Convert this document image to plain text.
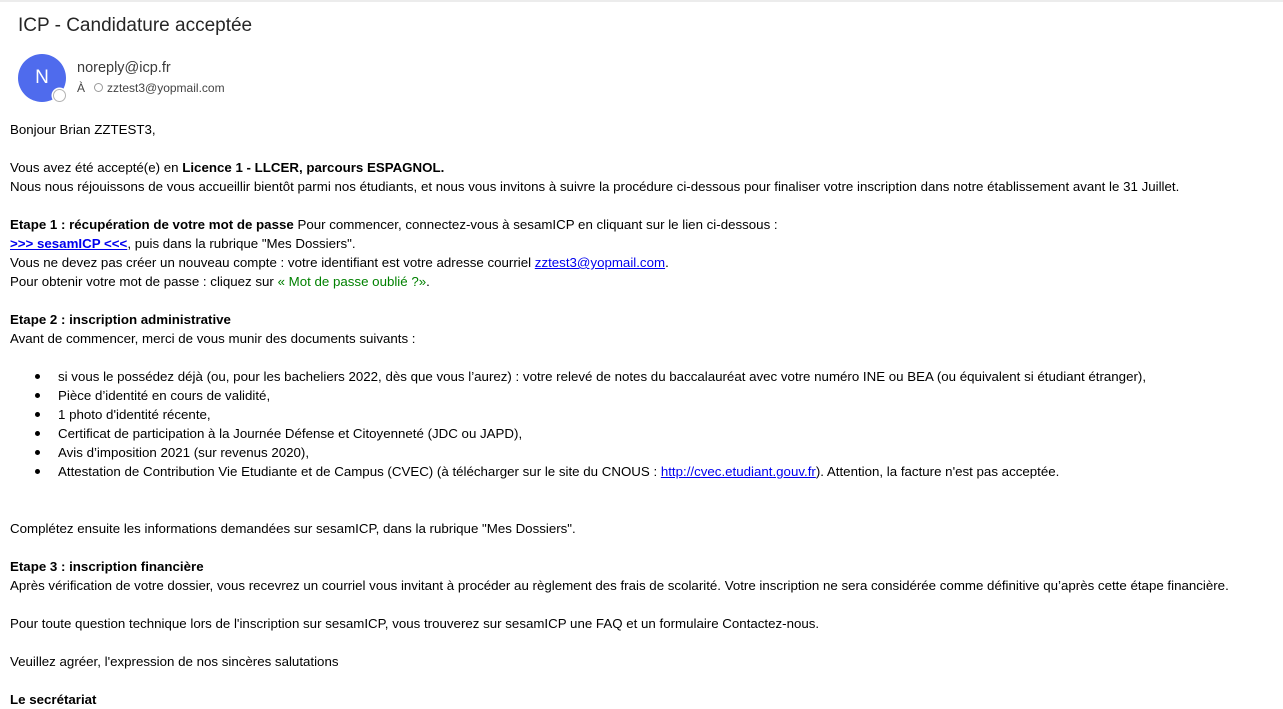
ICP - Candidature acceptée
N	noreply@icp.fr
À zztest3@yopmail.com

Bonjour Brian ZZTEST3,

Vous avez été accepté(e) en Licence 1 - LLCER, parcours ESPAGNOL.

Nous nous réjouissons de vous accueillir bientôt parmi nos étudiants, et nous vous invitons à suivre la procédure ci-dessous pour finaliser votre inscription dans notre établissement avant le 31 Juillet.

Etape 1 : récupération de votre mot de passe Pour commencer, connectez-vous à sesamICP en cliquant sur le lien ci-dessous :

>>> sesamICP <<<, puis dans la rubrique "Mes Dossiers".

Vous ne devez pas créer un nouveau compte : votre identifiant est votre adresse courriel zztest3@yopmail.com.

Pour obtenir votre mot de passe : cliquez sur « Mot de passe oublié ?».

Etape 2 : inscription administrative

Avant de commencer, merci de vous munir des documents suivants :

si vous le possédez déjà (ou, pour les bacheliers 2022, dès que vous l’aurez) : votre relevé de notes du baccalauréat avec votre numéro INE ou BEA (ou équivalent si étudiant étranger),
Pièce d’identité en cours de validité,
1 photo d'identité récente,
Certificat de participation à la Journée Défense et Citoyenneté (JDC ou JAPD),
Avis d’imposition 2021 (sur revenus 2020),
Attestation de Contribution Vie Etudiante et de Campus (CVEC) (à télécharger sur le site du CNOUS : http://cvec.etudiant.gouv.fr). Attention, la facture n'est pas acceptée.

Complétez ensuite les informations demandées sur sesamICP, dans la rubrique "Mes Dossiers".

Etape 3 : inscription financière

Après vérification de votre dossier, vous recevrez un courriel vous invitant à procéder au règlement des frais de scolarité. Votre inscription ne sera considérée comme définitive qu’après cette étape financière.

Pour toute question technique lors de l'inscription sur sesamICP, vous trouverez sur sesamICP une FAQ et un formulaire Contactez-nous.

Veuillez agréer, l'expression de nos sincères salutations

Le secrétariat
